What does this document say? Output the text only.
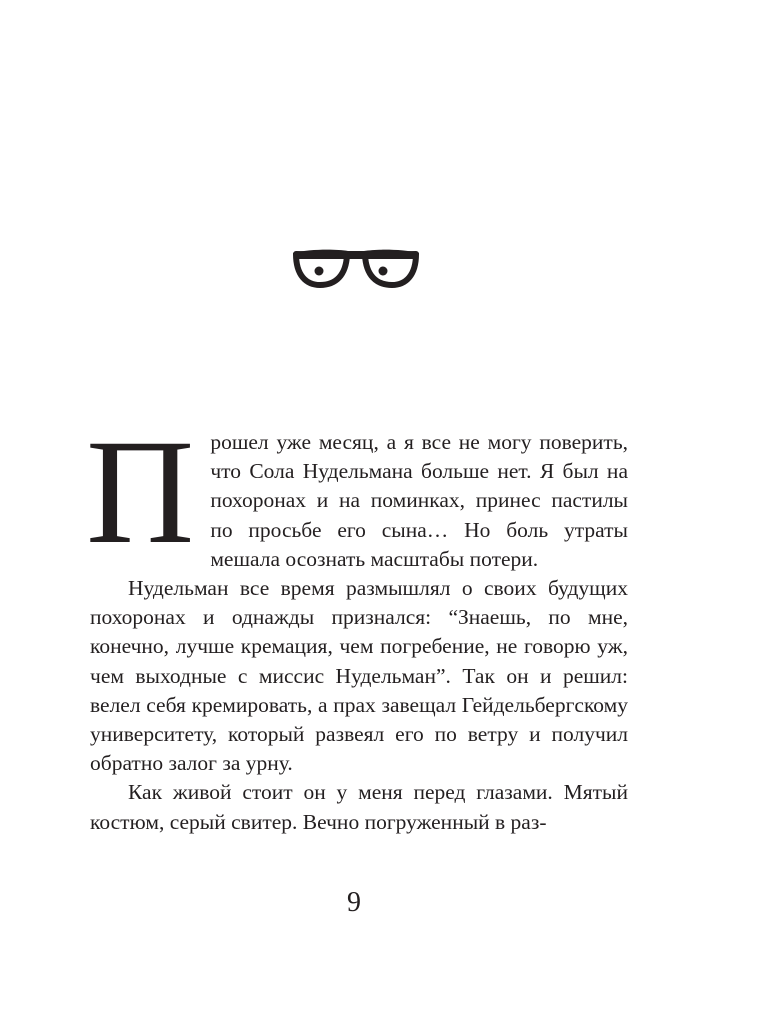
Прошел уже месяц, а я все не могу поверить, что Сола Нудельмана больше нет. Я был на похоронах и на поминках, принес пастилы по просьбе его сына… Но боль утраты мешала осознать масштабы потери.

Нудельман все время размышлял о своих будущих похоронах и однажды признался: “Знаешь, по мне, конечно, лучше кремация, чем погребение, не говорю уж, чем выходные с миссис Нудельман”. Так он и решил: велел себя кремировать, а прах завещал Гейдельбергскому университету, который развеял его по ветру и получил обратно залог за урну.

Как живой стоит он у меня перед глазами. Мятый костюм, серый свитер. Вечно погруженный в раз-

9
